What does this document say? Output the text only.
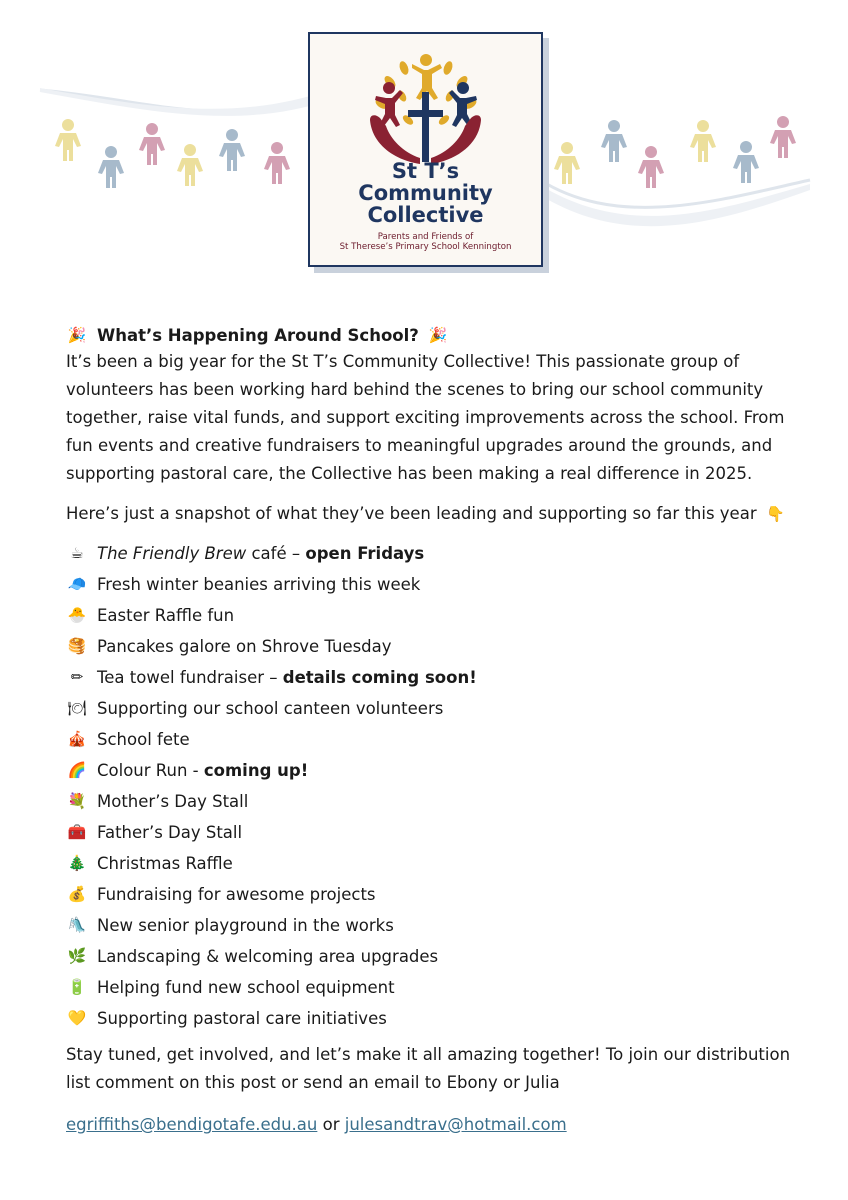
St T’s
Community
Collective
Parents and Friends of
St Therese’s Primary School Kennington
🎉 What’s Happening Around School? 🎉

It’s been a big year for the St T’s Community Collective! This passionate group of volunteers has been working hard behind the scenes to bring our school community together, raise vital funds, and support exciting improvements across the school. From fun events and creative fundraisers to meaningful upgrades around the grounds, and supporting pastoral care, the Collective has been making a real difference in 2025.

Here’s just a snapshot of what they’ve been leading and supporting so far this year 👇

☕ The Friendly Brew café – open Fridays
🧢 Fresh winter beanies arriving this week
🐣 Easter Raffle fun
🥞 Pancakes galore on Shrove Tuesday
✏ Tea towel fundraiser – details coming soon!
🍽 Supporting our school canteen volunteers
🎪 School fete
🌈 Colour Run - coming up!
💐 Mother’s Day Stall
🧰 Father’s Day Stall
🎄 Christmas Raffle
💰 Fundraising for awesome projects
🛝 New senior playground in the works
🌿 Landscaping & welcoming area upgrades
🔋 Helping fund new school equipment
💛 Supporting pastoral care initiatives

Stay tuned, get involved, and let’s make it all amazing together! To join our distribution list comment on this post or send an email to Ebony or Julia

egriffiths@bendigotafe.edu.au or julesandtrav@hotmail.com
